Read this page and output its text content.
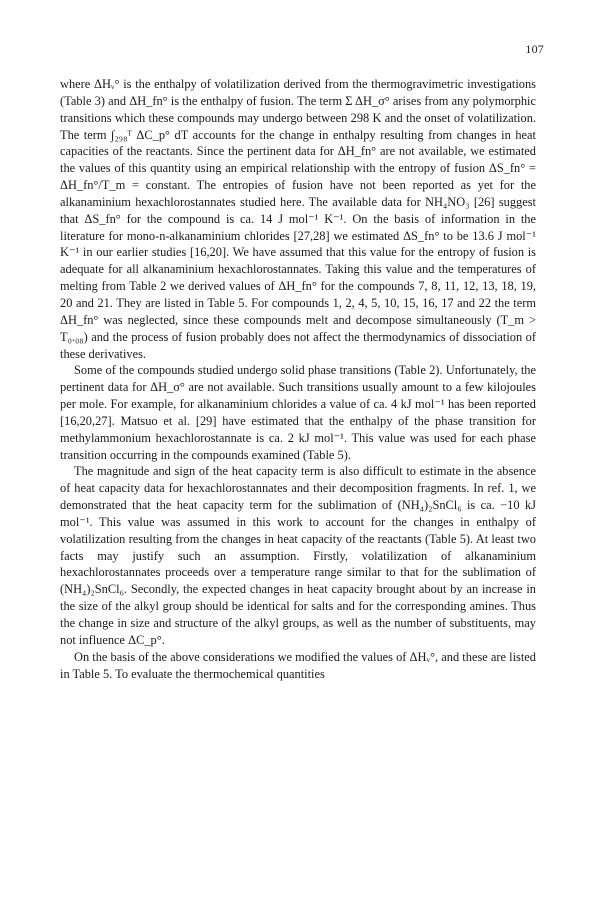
107

where ΔHᵥ° is the enthalpy of volatilization derived from the thermogravimetric investigations (Table 3) and ΔH_fn° is the enthalpy of fusion. The term Σ ΔH_σ° arises from any polymorphic transitions which these compounds may undergo between 298 K and the onset of volatilization. The term ∫₂₉₈ᵀ ΔC_p° dT accounts for the change in enthalpy resulting from changes in heat capacities of the reactants. Since the pertinent data for ΔH_fn° are not available, we estimated the values of this quantity using an empirical relationship with the entropy of fusion ΔS_fn° = ΔH_fn°/T_m = constant. The entropies of fusion have not been reported as yet for the alkanaminium hexachlorostannates studied here. The available data for NH₄NO₃ [26] suggest that ΔS_fn° for the compound is ca. 14 J mol⁻¹ K⁻¹. On the basis of information in the literature for mono-n-alkanaminium chlorides [27,28] we estimated ΔS_fn° to be 13.6 J mol⁻¹ K⁻¹ in our earlier studies [16,20]. We have assumed that this value for the entropy of fusion is adequate for all alkanaminium hexachlorostannates. Taking this value and the temperatures of melting from Table 2 we derived values of ΔH_fn° for the compounds 7, 8, 11, 12, 13, 18, 19, 20 and 21. They are listed in Table 5. For compounds 1, 2, 4, 5, 10, 15, 16, 17 and 22 the term ΔH_fn° was neglected, since these compounds melt and decompose simultaneously (T_m > T₀.₀₈) and the process of fusion probably does not affect the thermodynamics of dissociation of these derivatives.

Some of the compounds studied undergo solid phase transitions (Table 2). Unfortunately, the pertinent data for ΔH_σ° are not available. Such transitions usually amount to a few kilojoules per mole. For example, for alkanaminium chlorides a value of ca. 4 kJ mol⁻¹ has been reported [16,20,27]. Matsuo et al. [29] have estimated that the enthalpy of the phase transition for methylammonium hexachlorostannate is ca. 2 kJ mol⁻¹. This value was used for each phase transition occurring in the compounds examined (Table 5).

The magnitude and sign of the heat capacity term is also difficult to estimate in the absence of heat capacity data for hexachlorostannates and their decomposition fragments. In ref. 1, we demonstrated that the heat capacity term for the sublimation of (NH₄)₂SnCl₆ is ca. −10 kJ mol⁻¹. This value was assumed in this work to account for the changes in enthalpy of volatilization resulting from the changes in heat capacity of the reactants (Table 5). At least two facts may justify such an assumption. Firstly, volatilization of alkanaminium hexachlorostannates proceeds over a temperature range similar to that for the sublimation of (NH₄)₂SnCl₆. Secondly, the expected changes in heat capacity brought about by an increase in the size of the alkyl group should be identical for salts and for the corresponding amines. Thus the change in size and structure of the alkyl groups, as well as the number of substituents, may not influence ΔC_p°.

On the basis of the above considerations we modified the values of ΔHᵥ°, and these are listed in Table 5. To evaluate the thermochemical quantities
